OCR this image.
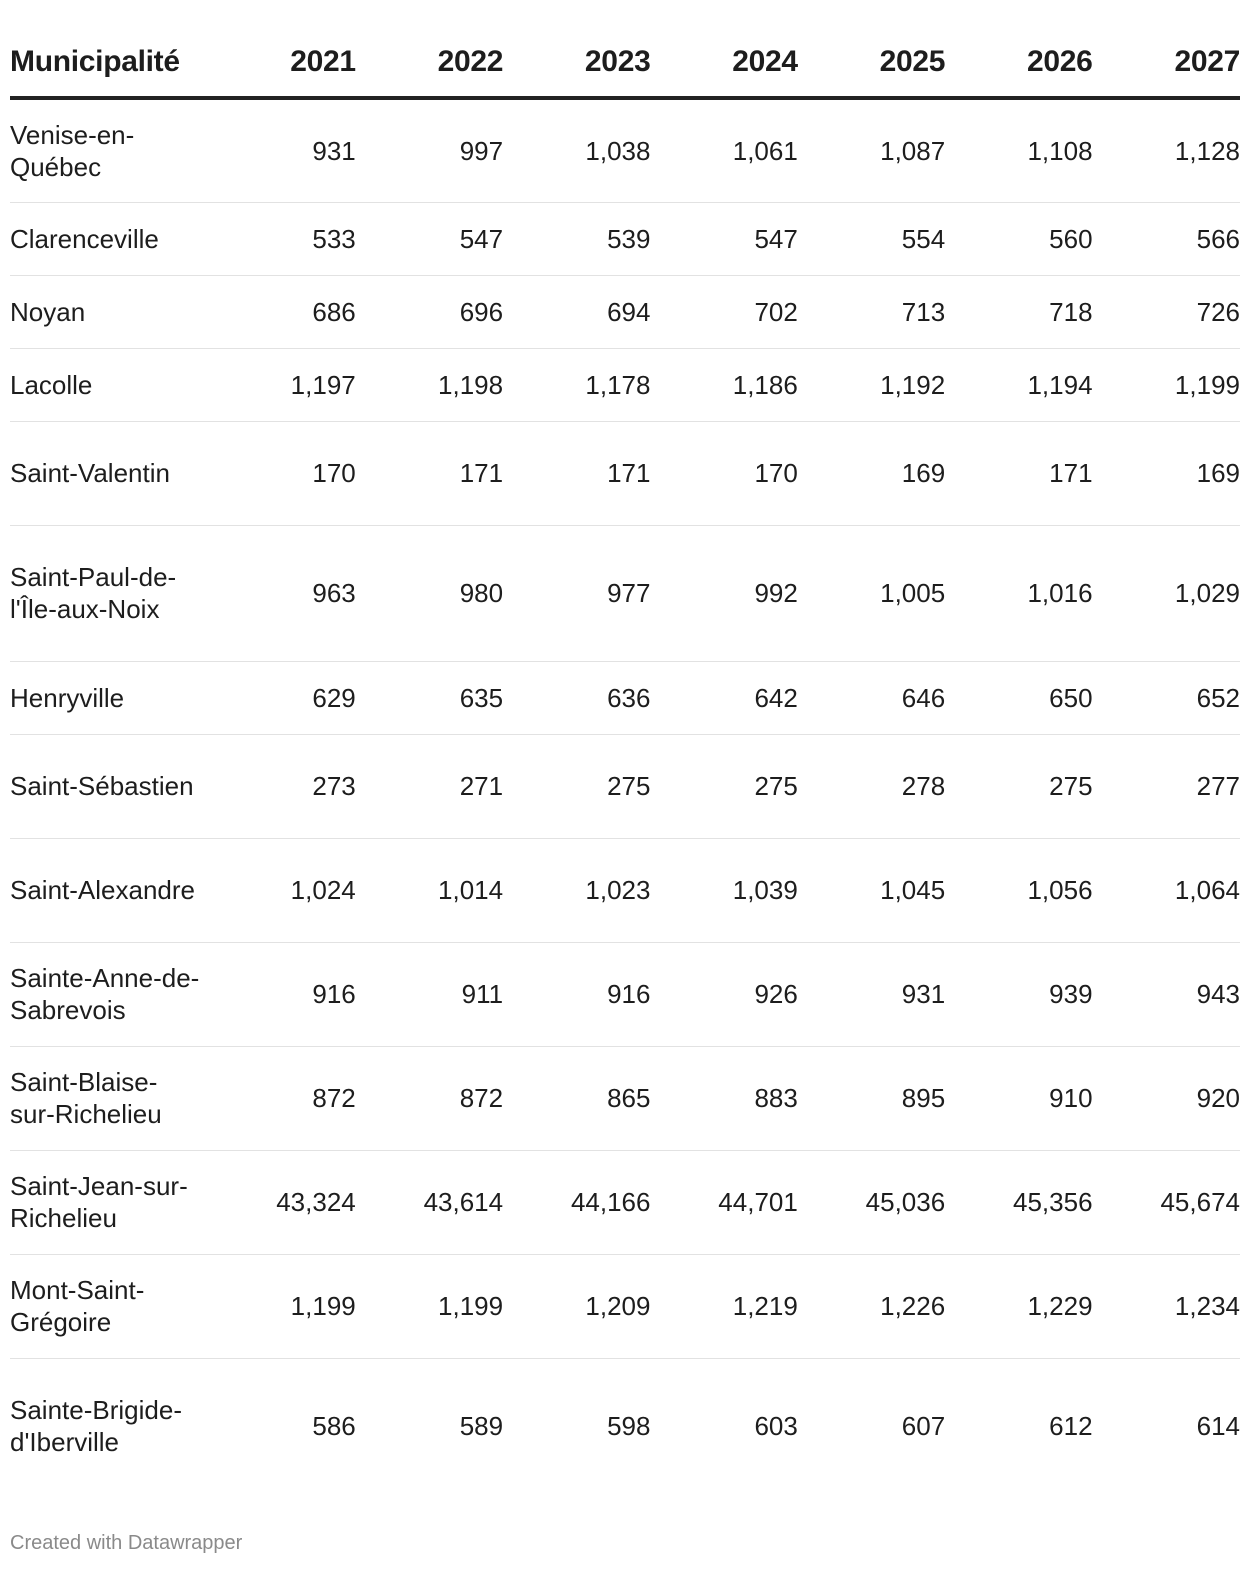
Municipalité	2021	2022	2023	2024	2025	2026	2027
Venise-en-Québec	931	997	1,038	1,061	1,087	1,108	1,128
Clarenceville	533	547	539	547	554	560	566
Noyan	686	696	694	702	713	718	726
Lacolle	1,197	1,198	1,178	1,186	1,192	1,194	1,199
Saint-Valentin	170	171	171	170	169	171	169
Saint-Paul-de-l'Île-aux-Noix	963	980	977	992	1,005	1,016	1,029
Henryville	629	635	636	642	646	650	652
Saint-Sébastien	273	271	275	275	278	275	277
Saint-Alexandre	1,024	1,014	1,023	1,039	1,045	1,056	1,064
Sainte-Anne-de-Sabrevois	916	911	916	926	931	939	943
Saint-Blaise-sur-Richelieu	872	872	865	883	895	910	920
Saint-Jean-sur-Richelieu	43,324	43,614	44,166	44,701	45,036	45,356	45,674
Mont-Saint-Grégoire	1,199	1,199	1,209	1,219	1,226	1,229	1,234
Sainte-Brigide-d'Iberville	586	589	598	603	607	612	614
Created with Datawrapper
